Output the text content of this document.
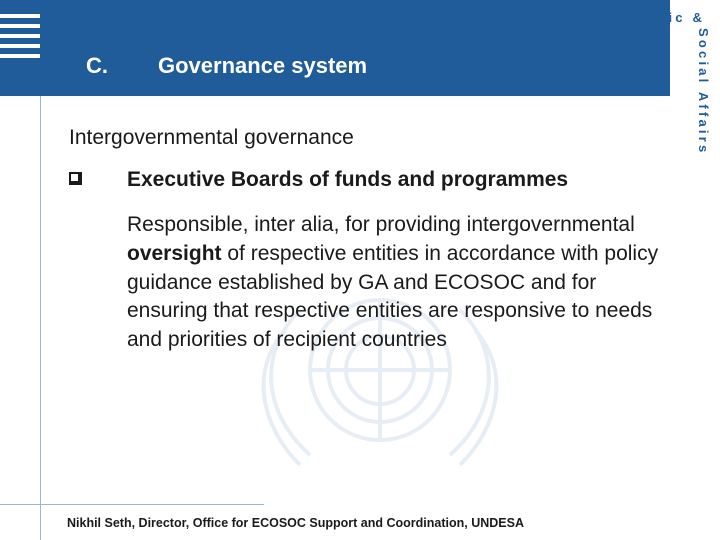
C. Governance system
Economic &
Social Affairs
Intergovernmental governance
Executive Boards of funds and programmes
Responsible, inter alia, for providing intergovernmental oversight of respective entities in accordance with policy guidance established by GA and ECOSOC and for ensuring that respective entities are responsive to needs and priorities of recipient countries
Nikhil Seth, Director, Office for ECOSOC Support and Coordination, UNDESA
